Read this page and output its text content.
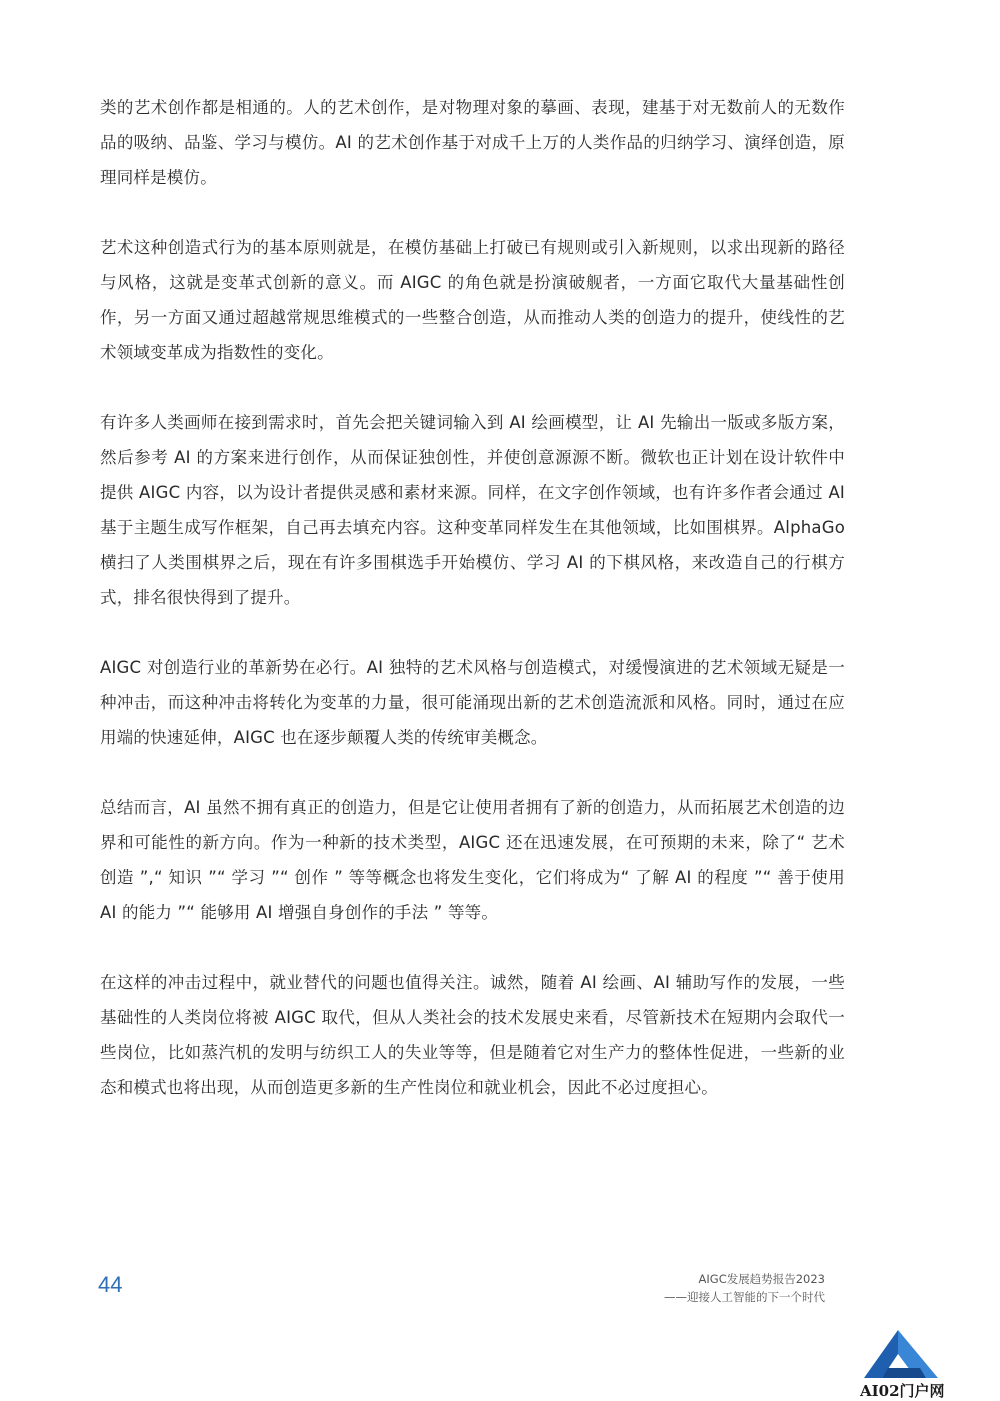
类的艺术创作都是相通的。人的艺术创作，是对物理对象的摹画、表现，建基于对无数前人的无数作品的吸纳、品鉴、学习与模仿。AI 的艺术创作基于对成千上万的人类作品的归纳学习、演绎创造，原理同样是模仿。

艺术这种创造式行为的基本原则就是，在模仿基础上打破已有规则或引入新规则，以求出现新的路径与风格，这就是变革式创新的意义。而 AIGC 的角色就是扮演破舰者，一方面它取代大量基础性创作，另一方面又通过超越常规思维模式的一些整合创造，从而推动人类的创造力的提升，使线性的艺术领域变革成为指数性的变化。

有许多人类画师在接到需求时，首先会把关键词输入到 AI 绘画模型，让 AI 先输出一版或多版方案，然后参考 AI 的方案来进行创作，从而保证独创性，并使创意源源不断。微软也正计划在设计软件中提供 AIGC 内容，以为设计者提供灵感和素材来源。同样，在文字创作领域，也有许多作者会通过 AI 基于主题生成写作框架，自己再去填充内容。这种变革同样发生在其他领域，比如围棋界。AlphaGo 横扫了人类围棋界之后，现在有许多围棋选手开始模仿、学习 AI 的下棋风格，来改造自己的行棋方式，排名很快得到了提升。

AIGC 对创造行业的革新势在必行。AI 独特的艺术风格与创造模式，对缓慢演进的艺术领域无疑是一种冲击，而这种冲击将转化为变革的力量，很可能涌现出新的艺术创造流派和风格。同时，通过在应用端的快速延伸，AIGC 也在逐步颠覆人类的传统审美概念。

总结而言，AI 虽然不拥有真正的创造力，但是它让使用者拥有了新的创造力，从而拓展艺术创造的边界和可能性的新方向。作为一种新的技术类型，AIGC 还在迅速发展，在可预期的未来，除了“ 艺术创造 ”,“ 知识 ”“ 学习 ”“ 创作 ” 等等概念也将发生变化，它们将成为“ 了解 AI 的程度 ”“ 善于使用 AI 的能力 ”“ 能够用 AI 增强自身创作的手法 ” 等等。

在这样的冲击过程中，就业替代的问题也值得关注。诚然，随着 AI 绘画、AI 辅助写作的发展，一些基础性的人类岗位将被 AIGC 取代，但从人类社会的技术发展史来看，尽管新技术在短期内会取代一些岗位，比如蒸汽机的发明与纺织工人的失业等等，但是随着它对生产力的整体性促进，一些新的业态和模式也将出现，从而创造更多新的生产性岗位和就业机会，因此不必过度担心。

44	AIGC发展趋势报告2023
——迎接人工智能的下一个时代
AI02门户网
